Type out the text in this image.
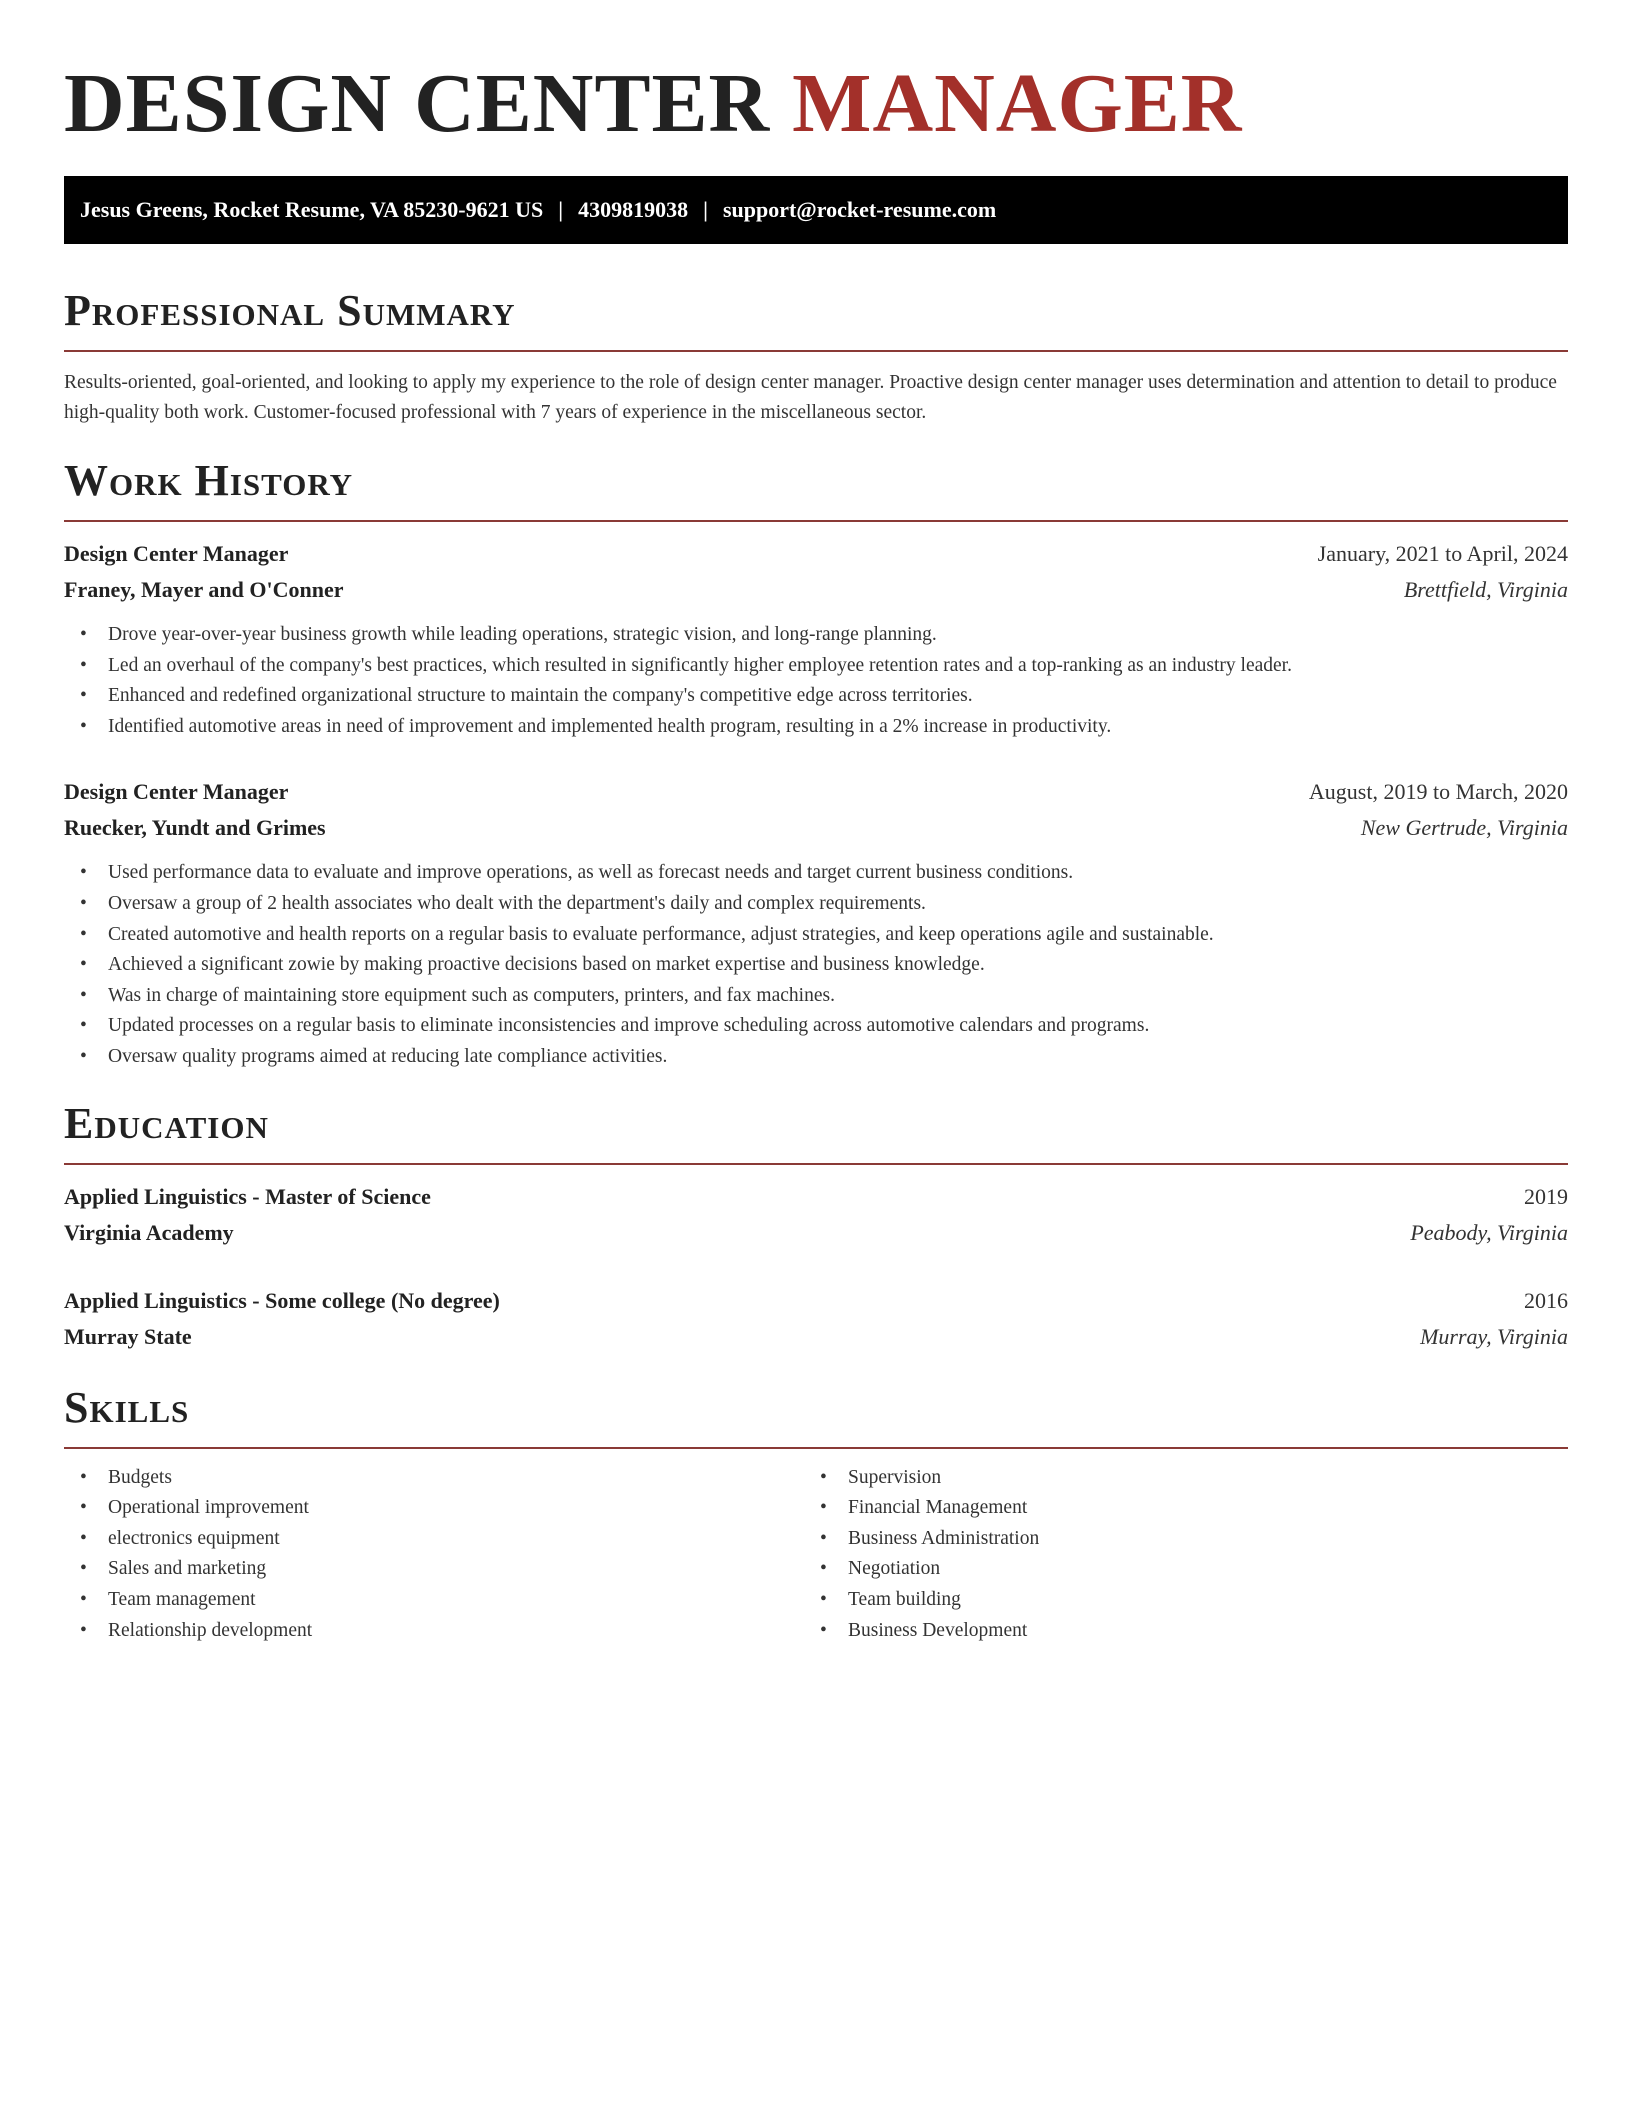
DESIGN CENTER MANAGER
Jesus Greens, Rocket Resume, VA 85230-9621 US | 4309819038 | support@rocket-resume.com
Professional Summary

Results-oriented, goal-oriented, and looking to apply my experience to the role of design center manager. Proactive design center manager uses determination and attention to detail to produce high-quality both work. Customer-focused professional with 7 years of experience in the miscellaneous sector.

Work History
Design Center Manager	January, 2021 to April, 2024
Franey, Mayer and O'Conner	Brettfield, Virginia
• Drove year-over-year business growth while leading operations, strategic vision, and long-range planning.
• Led an overhaul of the company's best practices, which resulted in significantly higher employee retention rates and a top-ranking as an industry leader.
• Enhanced and redefined organizational structure to maintain the company's competitive edge across territories.
• Identified automotive areas in need of improvement and implemented health program, resulting in a 2% increase in productivity.
Design Center Manager	August, 2019 to March, 2020
Ruecker, Yundt and Grimes	New Gertrude, Virginia
• Used performance data to evaluate and improve operations, as well as forecast needs and target current business conditions.
• Oversaw a group of 2 health associates who dealt with the department's daily and complex requirements.
• Created automotive and health reports on a regular basis to evaluate performance, adjust strategies, and keep operations agile and sustainable.
• Achieved a significant zowie by making proactive decisions based on market expertise and business knowledge.
• Was in charge of maintaining store equipment such as computers, printers, and fax machines.
• Updated processes on a regular basis to eliminate inconsistencies and improve scheduling across automotive calendars and programs.
• Oversaw quality programs aimed at reducing late compliance activities.
Education
Applied Linguistics - Master of Science	2019
Virginia Academy	Peabody, Virginia
Applied Linguistics - Some college (No degree)	2016
Murray State	Murray, Virginia
Skills
• Budgets
• Operational improvement
• electronics equipment
• Sales and marketing
• Team management
• Relationship development
• Supervision
• Financial Management
• Business Administration
• Negotiation
• Team building
• Business Development
